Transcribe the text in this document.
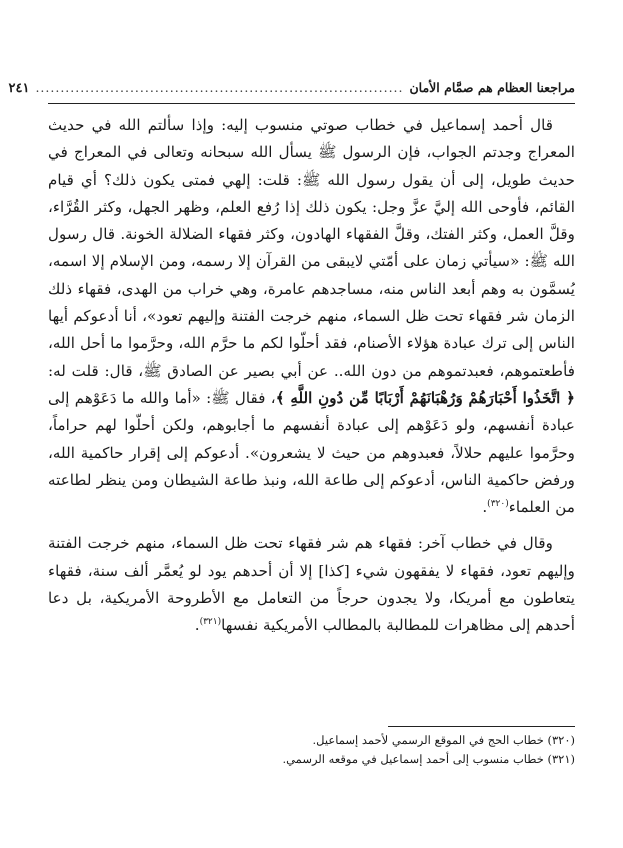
مراجعنا العظام هم صمَّام الأمان
..........................................................................
٢٤١

قال أحمد إسماعيل في خطاب صوتي منسوب إليه: وإذا سألتم الله في حديث المعراج وجدتم الجواب، فإن الرسول ﷺ يسأل الله سبحانه وتعالى في المعراج في حديث طويل، إلى أن يقول رسول الله ﷺ: قلت: إلهي فمتى يكون ذلك؟ أي قيام القائم، فأوحى الله إليَّ عزَّ وجل: يكون ذلك إذا رُفع العلم، وظهر الجهل، وكثر القُرَّاء، وقلَّ العمل، وكثر الفتك، وقلَّ الفقهاء الهادون، وكثر فقهاء الضلالة الخونة. قال رسول الله ﷺ: «سيأتي زمان على أمّتي لايبقى من القرآن إلا رسمه، ومن الإسلام إلا اسمه، يُسمَّون به وهم أبعد الناس منه، مساجدهم عامرة، وهي خراب من الهدى، فقهاء ذلك الزمان شر فقهاء تحت ظل السماء، منهم خرجت الفتنة وإليهم تعود»، أنا أدعوكم أيها الناس إلى ترك عبادة هؤلاء الأصنام، فقد أحلّوا لكم ما حرَّم الله، وحرَّموا ما أحل الله، فأطعتموهم، فعبدتموهم من دون الله.. عن أبي بصير عن الصادق ﷺ، قال: قلت له: ﴿ اتَّخَذُوا أَحْبَارَهُمْ وَرُهْبَانَهُمْ أَرْبَابًا مِّن دُونِ اللَّهِ ﴾، فقال ﷺ: «أما والله ما دَعَوْهم إلى عبادة أنفسهم، ولو دَعَوْهم إلى عبادة أنفسهم ما أجابوهم، ولكن أحلّوا لهم حراماً، وحرَّموا عليهم حلالاً، فعبدوهم من حيث لا يشعرون». أدعوكم إلى إقرار حاكمية الله، ورفض حاكمية الناس، أدعوكم إلى طاعة الله، ونبذ طاعة الشيطان ومن ينظر لطاعته من العلماء$^{(٣٢٠)}$.

وقال في خطاب آخر: فقهاء هم شر فقهاء تحت ظل السماء، منهم خرجت الفتنة وإليهم تعود، فقهاء لا يفقهون شيء [كذا] إلا أن أحدهم يود لو يُعمَّر ألف سنة، فقهاء يتعاطون مع أمريكا، ولا يجدون حرجاً من التعامل مع الأطروحة الأمريكية، بل دعا أحدهم إلى مظاهرات للمطالبة بالمطالب الأمريكية نفسها$^{(٣٢١)}$.

(٣٢٠) خطاب الحج في الموقع الرسمي لأحمد إسماعيل.
(٣٢١) خطاب منسوب إلى أحمد إسماعيل في موقعه الرسمي.
